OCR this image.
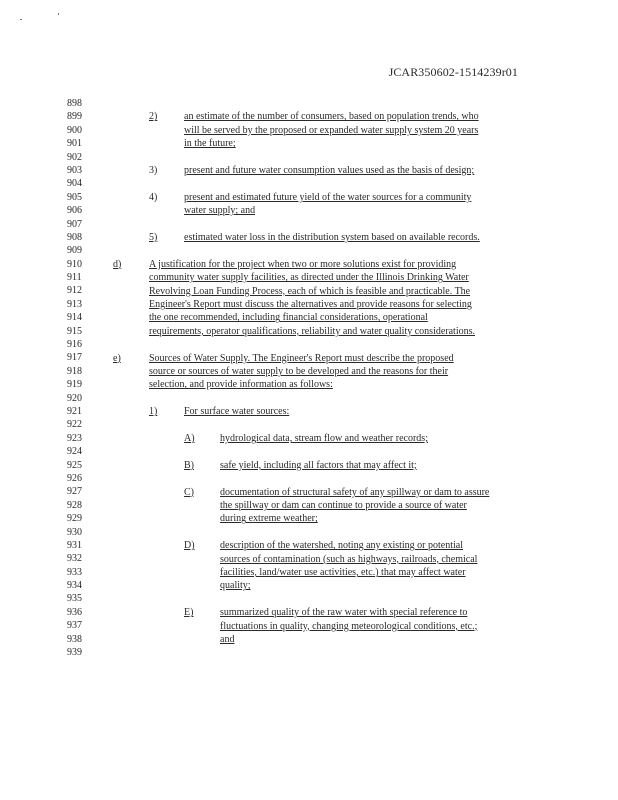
JCAR350602-1514239r01
898
899
900
901
902
903
904
905
906
907
908
909
910
911
912
913
914
915
916
917
918
919
920
921
922
923
924
925
926
927
928
929
930
931
932
933
934
935
936
937
938
939
2)	an estimate of the number of consumers, based on population trends, who
will be served by the proposed or expanded water supply system 20 years
in the future;
3)	present and future water consumption values used as the basis of design;
4)	present and estimated future yield of the water sources for a community
water supply; and
5)	estimated water loss in the distribution system based on available records.
d)	A justification for the project when two or more solutions exist for providing
community water supply facilities, as directed under the Illinois Drinking Water
Revolving Loan Funding Process, each of which is feasible and practicable. The
Engineer's Report must discuss the alternatives and provide reasons for selecting
the one recommended, including financial considerations, operational
requirements, operator qualifications, reliability and water quality considerations.
e)	Sources of Water Supply. The Engineer's Report must describe the proposed
source or sources of water supply to be developed and the reasons for their
selection, and provide information as follows:
1)	For surface water sources:
A)	hydrological data, stream flow and weather records;
B)	safe yield, including all factors that may affect it;
C)	documentation of structural safety of any spillway or dam to assure
the spillway or dam can continue to provide a source of water
during extreme weather;
D)	description of the watershed, noting any existing or potential
sources of contamination (such as highways, railroads, chemical
facilities, land/water use activities, etc.) that may affect water
quality;
E)	summarized quality of the raw water with special reference to
fluctuations in quality, changing meteorological conditions, etc.;
and
